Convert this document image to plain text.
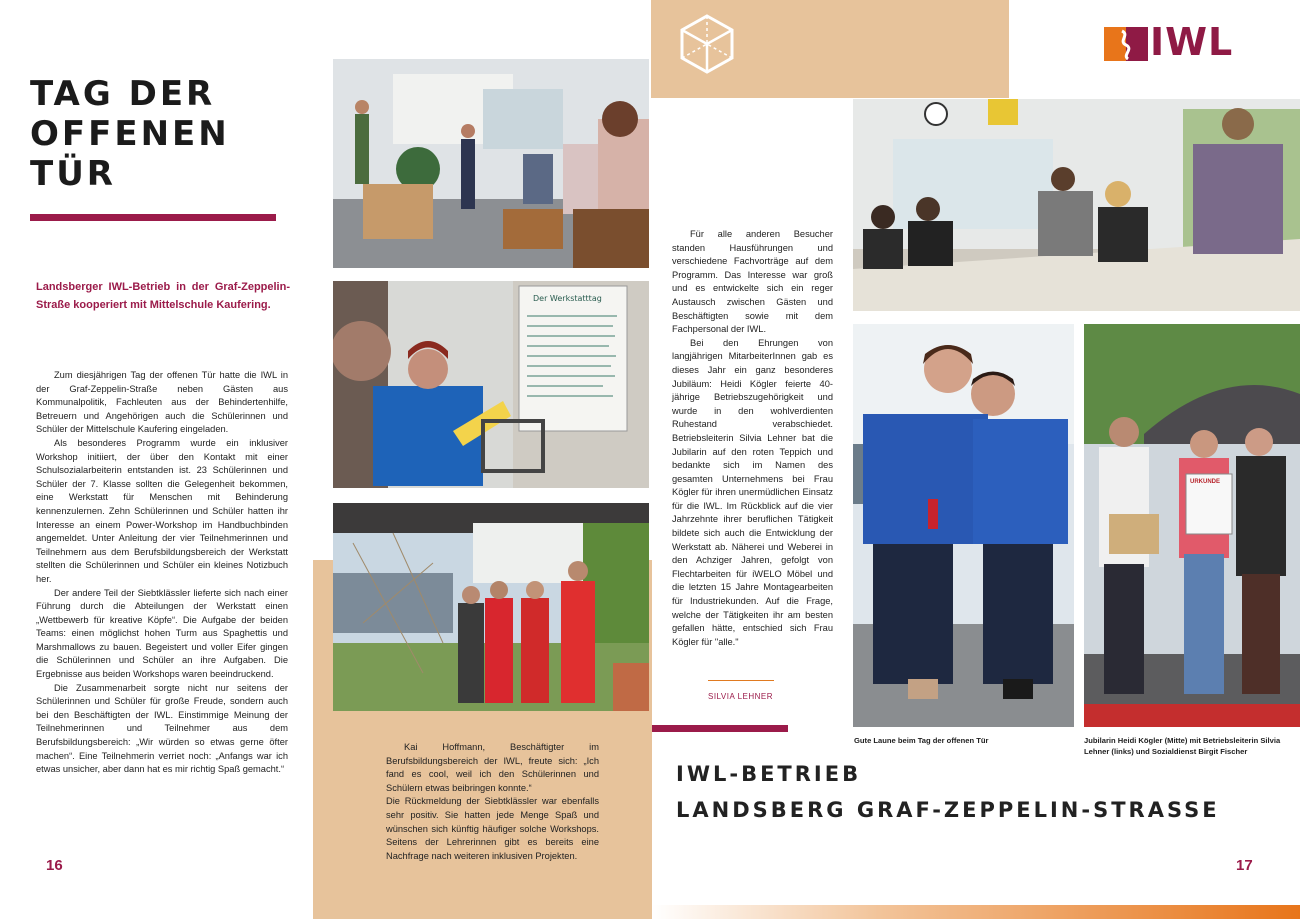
TAG DER
OFFENEN
TÜR
Landsberger IWL-Betrieb in der Graf-Zeppelin-Straße kooperiert mit Mittelschule Kaufering.

Zum diesjährigen Tag der offenen Tür hatte die IWL in der Graf-Zeppelin-Straße neben Gästen aus Kommunalpolitik, Fachleuten aus der Behindertenhilfe, Betreuern und Angehörigen auch die Schülerinnen und Schüler der Mittelschule Kaufering eingeladen.

Als besonderes Programm wurde ein inklusiver Workshop initiiert, der über den Kontakt mit einer Schulsozialarbeiterin entstanden ist. 23 Schülerinnen und Schüler der 7. Klasse sollten die Gelegenheit bekommen, eine Werkstatt für Menschen mit Behinderung kennenzulernen. Zehn Schülerinnen und Schüler hatten ihr Interesse an einem Power-Workshop im Handbuchbinden angemeldet. Unter Anleitung der vier Teilnehmerinnen und Teilnehmern aus dem Berufsbildungsbereich der Werkstatt stellten die Schülerinnen und Schüler ein kleines Notizbuch her.

Der andere Teil der Siebtklässler lieferte sich nach einer Führung durch die Abteilungen der Werkstatt einen „Wettbewerb für kreative Köpfe“. Die Aufgabe der beiden Teams: einen möglichst hohen Turm aus Spaghettis und Marshmallows zu bauen. Begeistert und voller Eifer gingen die Schülerinnen und Schüler an ihre Aufgaben. Die Ergebnisse aus beiden Workshops waren beeindruckend.

Die Zusammenarbeit sorgte nicht nur seitens der Schülerinnen und Schüler für große Freude, sondern auch bei den Beschäftigten der IWL. Einstimmige Meinung der Teilnehmerinnen und Teilnehmer aus dem Berufsbildungsbereich: „Wir würden so etwas gerne öfter machen“. Eine Teilnehmerin verriet noch: „Anfangs war ich etwas unsicher, aber dann hat es mir richtig Spaß gemacht.“

16
Der Werkstatttag

Kai Hoffmann, Beschäftigter im Berufsbildungsbereich der IWL, freute sich: „Ich fand es cool, weil ich den Schülerinnen und Schülern etwas beibringen konnte.“

Die Rückmeldung der Siebtklässler war ebenfalls sehr positiv. Sie hatten jede Menge Spaß und wünschen sich künftig häufiger solche Workshops. Seitens der Lehrerinnen gibt es bereits eine Nachfrage nach weiteren inklusiven Projekten.

IWL

Für alle anderen Besucher standen Hausführungen und verschiedene Fachvorträge auf dem Programm. Das Interesse war groß und es entwickelte sich ein reger Austausch zwischen Gästen und Beschäftigten sowie mit dem Fachpersonal der IWL.

Bei den Ehrungen von langjährigen MitarbeiterInnen gab es dieses Jahr ein ganz besonderes Jubiläum: Heidi Kögler feierte 40-jährige Betriebszugehörigkeit und wurde in den wohlverdienten Ruhestand verabschiedet. Betriebsleiterin Silvia Lehner bat die Jubilarin auf den roten Teppich und bedankte sich im Namen des gesamten Unternehmens bei Frau Kögler für ihren unermüdlichen Einsatz für die IWL. Im Rückblick auf die vier Jahrzehnte ihrer beruflichen Tätigkeit bildete sich auch die Entwicklung der Werkstatt ab. Näherei und Weberei in den Achziger Jahren, gefolgt von Flechtarbeiten für iWELO Möbel und die letzten 15 Jahre Montagearbeiten für Industriekunden. Auf die Frage, welche der Tätigkeiten ihr am besten gefallen hätte, entschied sich Frau Kögler für "alle."

SILVIA LEHNER
Gute Laune beim Tag der offenen Tür
URKUNDE
Jubilarin Heidi Kögler (Mitte) mit Betriebsleiterin Silvia Lehner (links) und Sozialdienst Birgit Fischer
IWL-BETRIEB
LANDSBERG GRAF-ZEPPELIN-STRASSE
17
